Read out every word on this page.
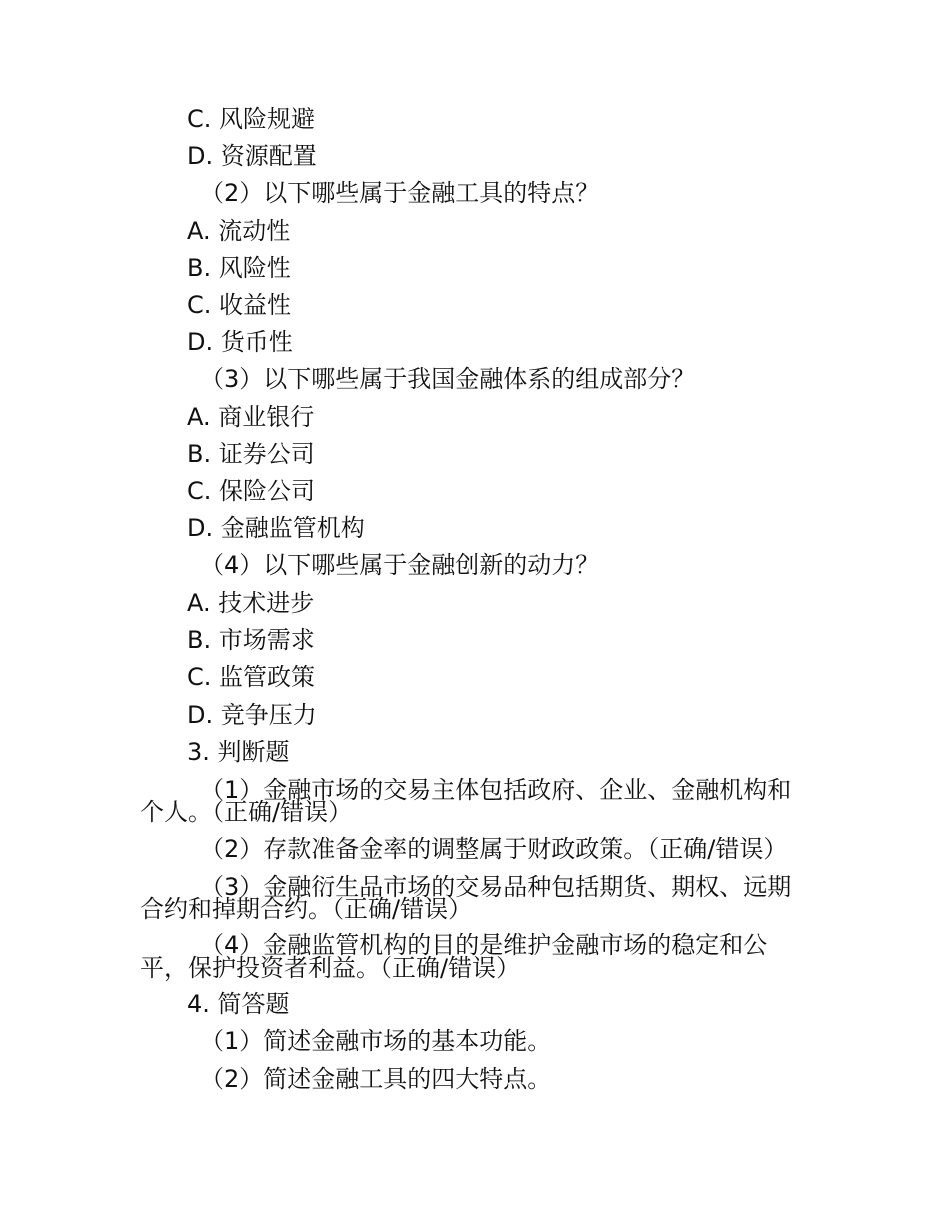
C. 风险规避
D. 资源配置
（2）以下哪些属于金融工具的特点？
A. 流动性
B. 风险性
C. 收益性
D. 货币性
（3）以下哪些属于我国金融体系的组成部分？
A. 商业银行
B. 证券公司
C. 保险公司
D. 金融监管机构
（4）以下哪些属于金融创新的动力？
A. 技术进步
B. 市场需求
C. 监管政策
D. 竞争压力
3. 判断题
（1）金融市场的交易主体包括政府、企业、金融机构和
个人。（正确/错误）
（2）存款准备金率的调整属于财政政策。（正确/错误）
（3）金融衍生品市场的交易品种包括期货、期权、远期
合约和掉期合约。（正确/错误）
（4）金融监管机构的目的是维护金融市场的稳定和公
平，保护投资者利益。（正确/错误）
4. 简答题
（1）简述金融市场的基本功能。
（2）简述金融工具的四大特点。
